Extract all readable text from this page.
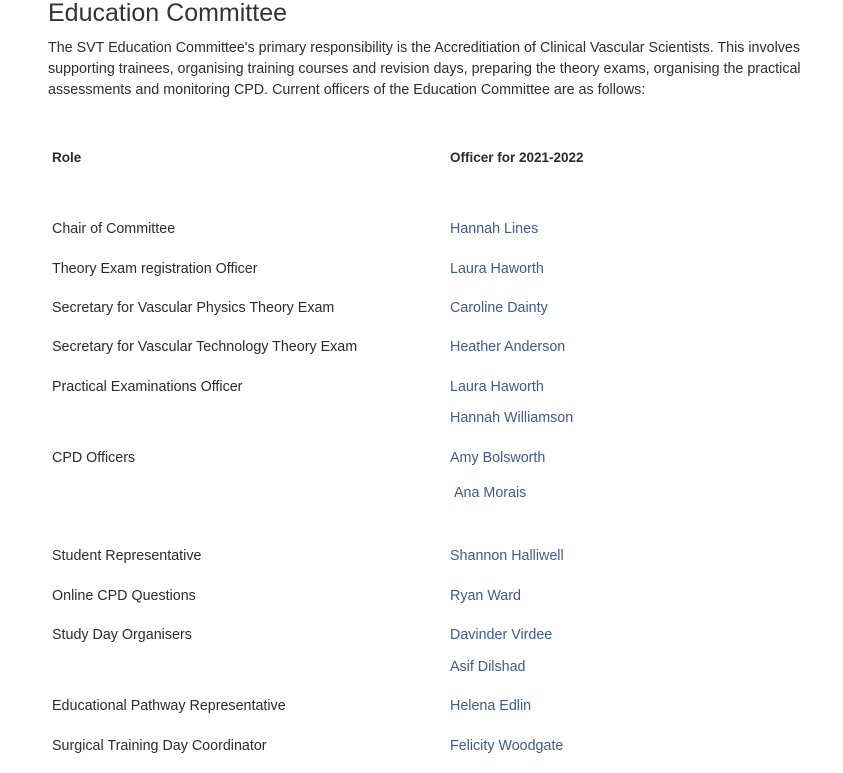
Education Committee

The SVT Education Committee's primary responsibility is the Accreditiation of Clinical Vascular Scientists. This involves supporting trainees, organising training courses and revision days, preparing the theory exams, organising the practical assessments and monitoring CPD. Current officers of the Education Committee are as follows:

Role	Officer for 2021-2022
Chair of Committee
Theory Exam registration Officer
Secretary for Vascular Physics Theory Exam
Secretary for Vascular Technology Theory Exam
Practical Examinations Officer
CPD Officers
Student Representative
Online CPD Questions
Study Day Organisers
Educational Pathway Representative
Surgical Training Day Coordinator
Hannah Lines
Laura Haworth
Caroline Dainty
Heather Anderson
Laura Haworth
Hannah Williamson
Amy Bolsworth
Ana Morais
Shannon Halliwell
Ryan Ward
Davinder Virdee
Asif Dilshad
Helena Edlin
Felicity Woodgate
